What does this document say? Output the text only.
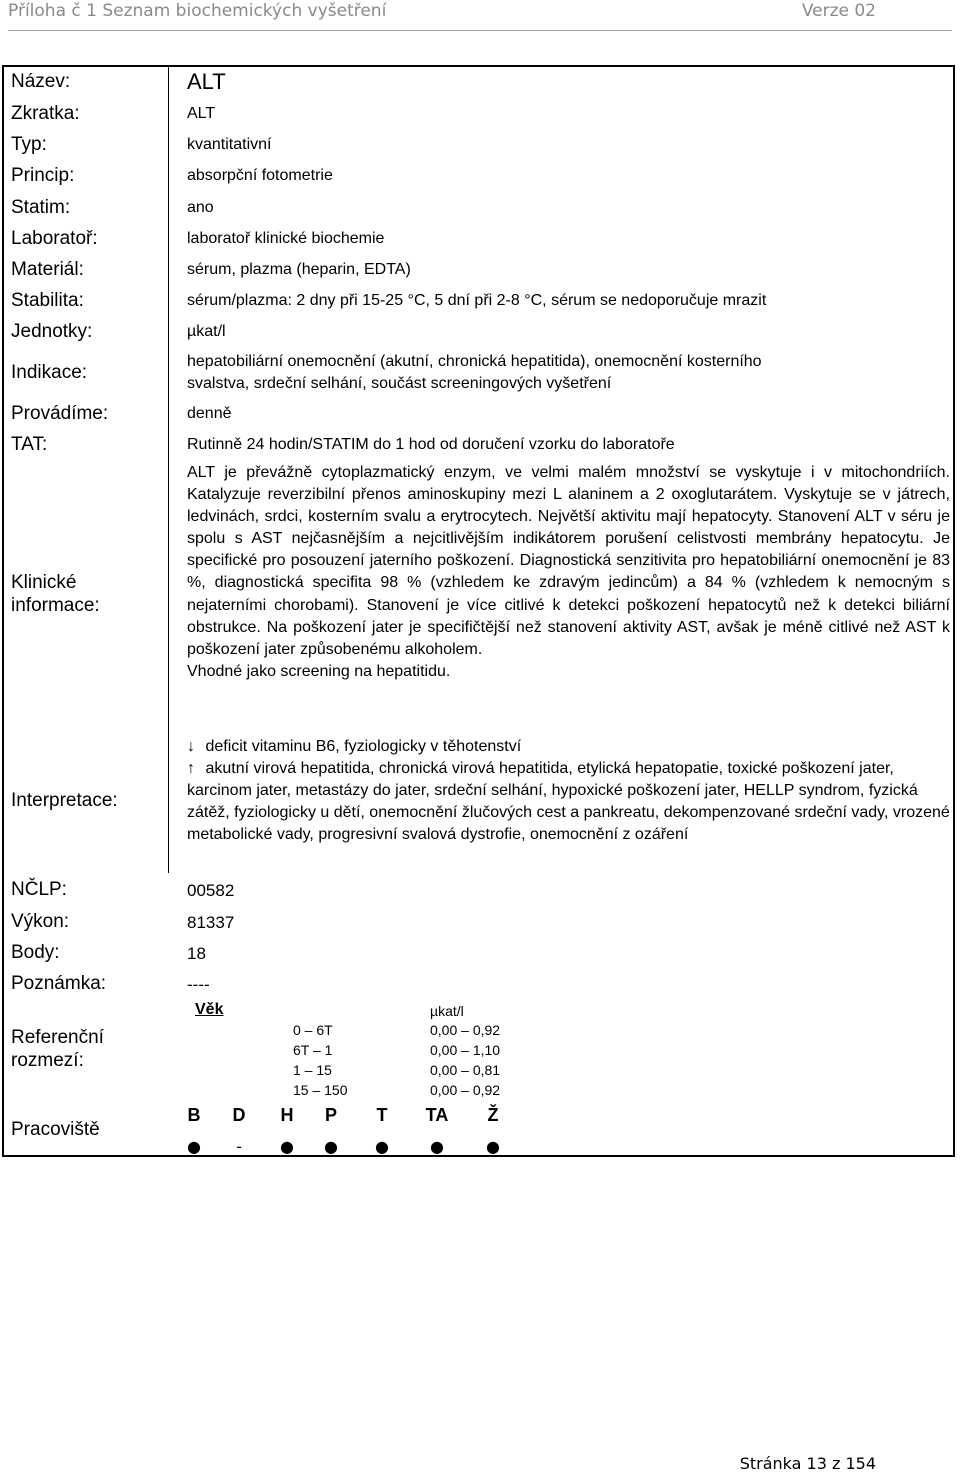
Příloha č 1 Seznam biochemických vyšetření	Verze 02
Název:	ALT
Zkratka:	ALT
Typ:	kvantitativní
Princip:	absorpční fotometrie
Statim:	ano
Laboratoř:	laboratoř klinické biochemie
Materiál:	sérum, plazma (heparin, EDTA)
Stabilita:	sérum/plazma: 2 dny při 15-25 °C, 5 dní při 2-8 °C, sérum se nedoporučuje mrazit
Jednotky:	µkat/l
Indikace:
hepatobiliární onemocnění (akutní, chronická hepatitida), onemocnění kosterního
svalstva, srdeční selhání, součást screeningových vyšetření
Provádíme:	denně
TAT:	Rutinně 24 hodin/STATIM do 1 hod od doručení vzorku do laboratoře
Klinické
informace:
ALT je převážně cytoplazmatický enzym, ve velmi malém množství se vyskytuje i v mitochondriích. Katalyzuje reverzibilní přenos aminoskupiny mezi L alaninem a 2 oxoglutarátem. Vyskytuje se v játrech, ledvinách, srdci, kosterním svalu a erytrocytech. Největší aktivitu mají hepatocyty. Stanovení ALT v séru je spolu s AST nejčasnějším a nejcitlivějším indikátorem porušení celistvosti membrány hepatocytu. Je specifické pro posouzení jaterního poškození. Diagnostická senzitivita pro hepatobiliární onemocnění je 83 %, diagnostická specifita 98 % (vzhledem ke zdravým jedincům) a 84 % (vzhledem k nemocným s nejaterními chorobami). Stanovení je více citlivé k detekci poškození hepatocytů než k detekci biliární obstrukce. Na poškození jater je specifičtější než stanovení aktivity AST, avšak je méně citlivé než AST k poškození jater způsobenému alkoholem.
Vhodné jako screening na hepatitidu.
Interpretace:
↓ deficit vitaminu B6, fyziologicky v těhotenství
↑ akutní virová hepatitida, chronická virová hepatitida, etylická hepatopatie, toxické poškození jater, karcinom jater, metastázy do jater, srdeční selhání, hypoxické poškození jater, HELLP syndrom, fyzická zátěž, fyziologicky u dětí, onemocnění žlučových cest a pankreatu, dekompenzované srdeční vady, vrozené metabolické vady, progresivní svalová dystrofie, onemocnění z ozáření
NČLP:	00582
Výkon:	81337
Body:	18
Poznámka:	----
Referenční
rozmezí:
Věk	µkat/l
0 – 6T	0,00 – 0,92
6T – 1	0,00 – 1,10
1 – 15	0,00 – 0,81
15 – 150	0,00 – 0,92
Pracoviště
B	D	H	P	T	TA	Ž
●	-	●	●	●	●	●
Stránka 13 z 154
